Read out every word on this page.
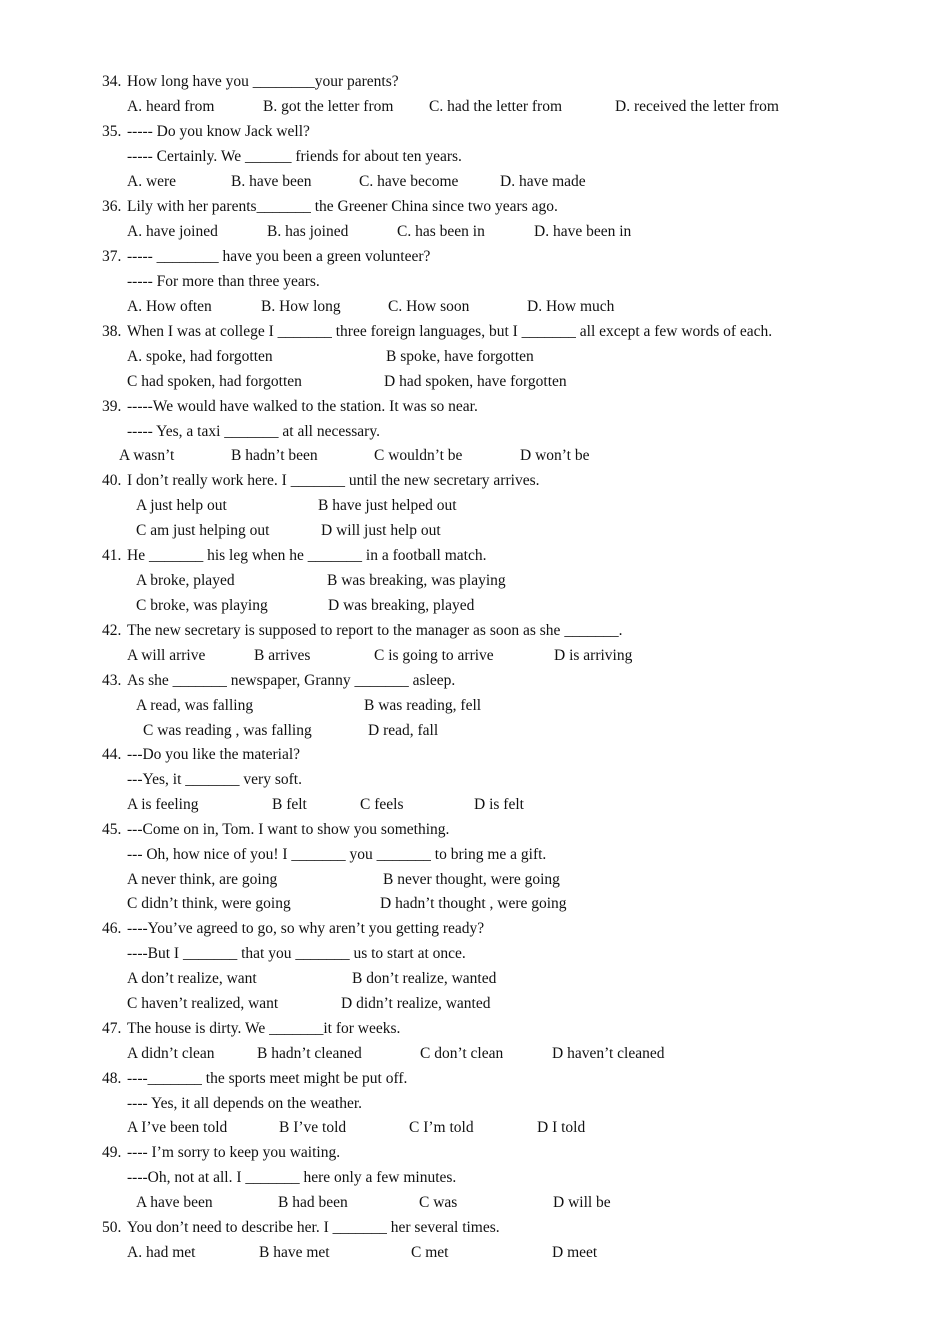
34. How long have you ________your parents?
A. heard from	B. got the letter from C. had the letter from	D. received the letter from
35. ----- Do you know Jack well?
----- Certainly. We ______ friends for about ten years.
A. were	B. have been	C. have become	D. have made
36. Lily with her parents_______ the Greener China since two years ago.
A. have joined	B. has joined	C. has been in	D. have been in
37. ----- ________ have you been a green volunteer?
----- For more than three years.
A. How often	B. How long	C. How soon	D. How much
38. When I was at college I _______ three foreign languages, but I _______ all except a few words of each.
A. spoke, had forgotten	B spoke, have forgotten
C had spoken, had forgotten	D had spoken, have forgotten
39. -----We would have walked to the station. It was so near.
----- Yes, a taxi _______ at all necessary.
A wasn’t	B hadn’t been	C wouldn’t be	D won’t be
40. I don’t really work here. I _______ until the new secretary arrives.
A just help out	B have just helped out
C am just helping out	D will just help out
41. He _______ his leg when he _______ in a football match.
A broke, played	B was breaking, was playing
C broke, was playing	D was breaking, played
42. The new secretary is supposed to report to the manager as soon as she _______.
A will arrive	B arrives	C is going to arrive	D is arriving
43. As she _______ newspaper, Granny _______ asleep.
A read, was falling	B was reading, fell
C was reading , was falling	D read, fall
44. ---Do you like the material?
---Yes, it _______ very soft.
A is feeling	B felt	C feels	D is felt
45. ---Come on in, Tom. I want to show you something.
--- Oh, how nice of you! I _______ you _______ to bring me a gift.
A never think, are going	B never thought, were going
C didn’t think, were going	D hadn’t thought , were going
46. ----You’ve agreed to go, so why aren’t you getting ready?
----But I _______ that you _______ us to start at once.
A don’t realize, want	B don’t realize, wanted
C haven’t realized, want	D didn’t realize, wanted
47. The house is dirty. We _______it for weeks.
A didn’t clean	B hadn’t cleaned	C don’t clean	D haven’t cleaned
48. ----_______ the sports meet might be put off.
---- Yes, it all depends on the weather.
A I’ve been told	B I’ve told	C I’m told	D I told
49. ---- I’m sorry to keep you waiting.
----Oh, not at all. I _______ here only a few minutes.
A have been	B had been	C was	D will be
50. You don’t need to describe her. I _______ her several times.
A. had met	B have met	C met	D meet
